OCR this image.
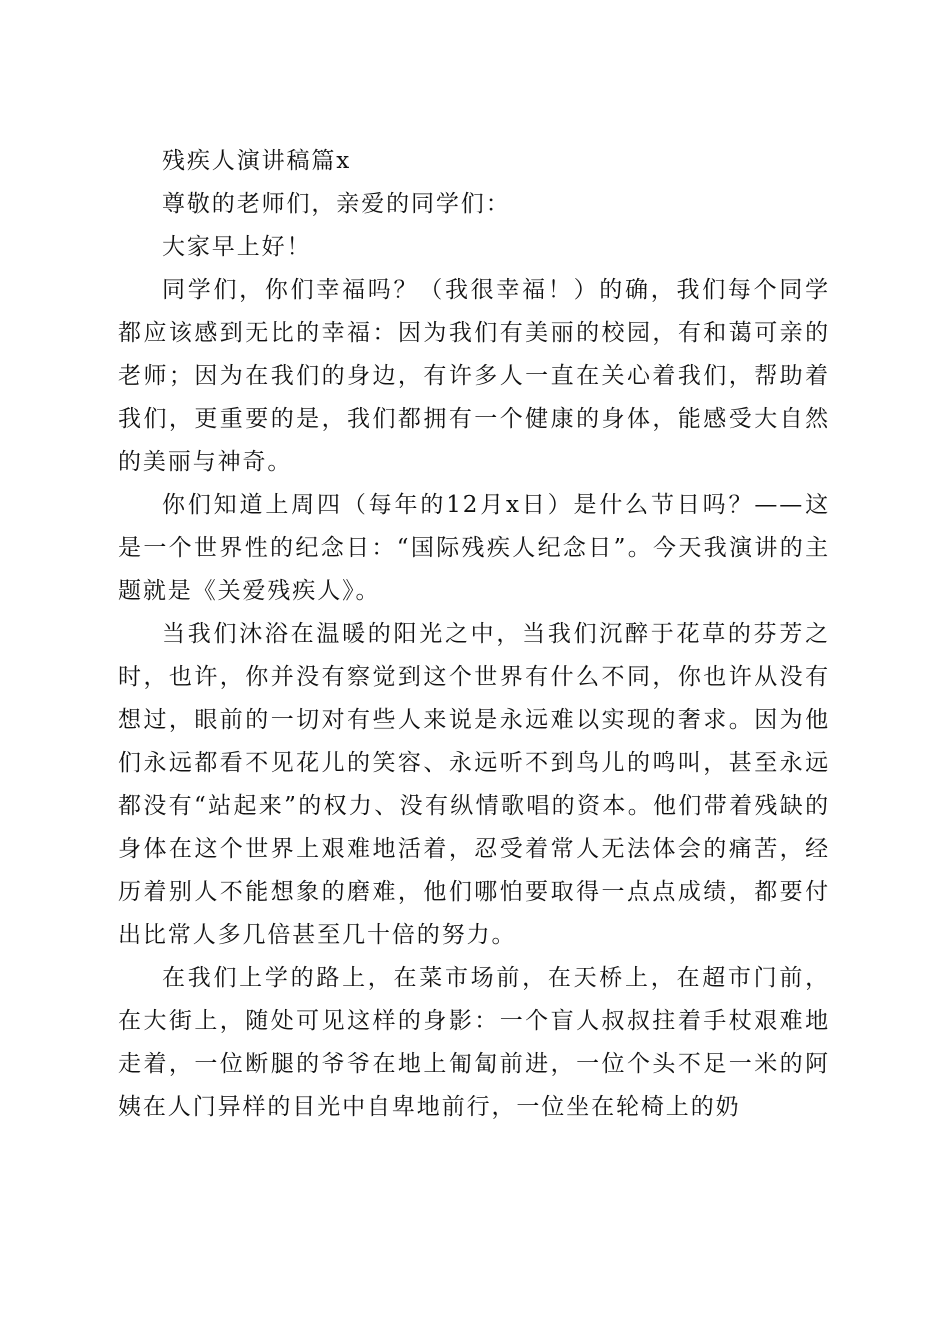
残疾人演讲稿篇x

尊敬的老师们，亲爱的同学们：

大家早上好！

同学们，你们幸福吗？（我很幸福！）的确，我们每个同学都应该感到无比的幸福：因为我们有美丽的校园，有和蔼可亲的老师；因为在我们的身边，有许多人一直在关心着我们，帮助着我们，更重要的是，我们都拥有一个健康的身体，能感受大自然的美丽与神奇。

你们知道上周四（每年的12月x日）是什么节日吗？——这是一个世界性的纪念日：“国际残疾人纪念日”。今天我演讲的主题就是《关爱残疾人》。

当我们沐浴在温暖的阳光之中，当我们沉醉于花草的芬芳之时，也许，你并没有察觉到这个世界有什么不同，你也许从没有想过，眼前的一切对有些人来说是永远难以实现的奢求。因为他们永远都看不见花儿的笑容、永远听不到鸟儿的鸣叫，甚至永远都没有“站起来”的权力、没有纵情歌唱的资本。他们带着残缺的身体在这个世界上艰难地活着，忍受着常人无法体会的痛苦，经历着别人不能想象的磨难，他们哪怕要取得一点点成绩，都要付出比常人多几倍甚至几十倍的努力。

在我们上学的路上，在菜市场前，在天桥上，在超市门前，在大街上，随处可见这样的身影：一个盲人叔叔拄着手杖艰难地走着，一位断腿的爷爷在地上匍匐前进，一位个头不足一米的阿姨在人门异样的目光中自卑地前行，一位坐在轮椅上的奶
